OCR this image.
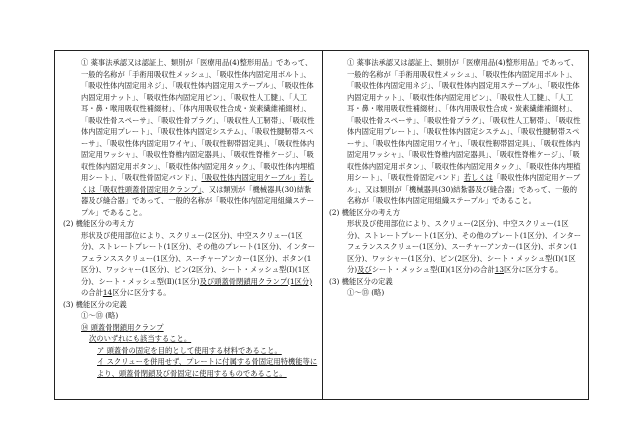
① 薬事法承認又は認証上、類別が「医療用品(4)整形用品」であって、一般的名称が「手術用吸収性メッシュ」、「吸収性体内固定用ボルト」、「吸収性体内固定用ネジ」、「吸収性体内固定用ステープル」、「吸収性体内固定用ナット」、「吸収性体内固定用ピン」、「吸収性人工腱」、「人工耳・鼻・喉用吸収性補綴材」、「体内用吸収性合成・炭素繊維補綴材」、「吸収性骨スペーサ」、「吸収性骨プラグ」、「吸収性人工靭帯」、「吸収性体内固定用プレート」、「吸収性体内固定システム」、「吸収性腱靭帯スペーサ」、「吸収性体内固定用ワイヤ」、「吸収性靭帯固定具」、「吸収性体内固定用ワッシャ」、「吸収性脊椎内固定器具」、「吸収性脊椎ケージ」、「吸収性体内固定用ボタン」、「吸収性体内固定用タック」、「吸収性体内埋植用シート」、「吸収性骨固定バンド」、「吸収性体内固定用ケーブル」若しくは「吸収性頭蓋骨固定用クランプ」、又は類別が「機械器具(30)結紮器及び縫合器」であって、一般的名称が「吸収性体内固定用組織ステープル」であること。

(2) 機能区分の考え方

形状及び使用部位により、スクリュー(2区分)、中空スクリュー(1区分)、ストレートプレート(1区分)、その他のプレート(1区分)、インターフェランススクリュー(1区分)、スーチャーアンカー(1区分)、ボタン(1区分)、ワッシャー(1区分)、ピン(2区分)、シート・メッシュ型(Ⅰ)(1区分)、シート・メッシュ型(Ⅱ)(1区分)及び頭蓋骨閉鎖用クランプ(1区分)の合計14区分に区分する。

(3) 機能区分の定義

①～⑬ (略)

⑭ 頭蓋骨閉鎖用クランプ

次のいずれにも該当すること。

ア 頭蓋骨の固定を目的として使用する材料であること。

イ スクリューを併用せず、プレートに付属する骨固定用特機能等により、頭蓋骨閉鎖及び骨固定に使用するものであること。

① 薬事法承認又は認証上、類別が「医療用品(4)整形用品」であって、一般的名称が「手術用吸収性メッシュ」、「吸収性体内固定用ボルト」、「吸収性体内固定用ネジ」、「吸収性体内固定用ステープル」、「吸収性体内固定用ナット」、「吸収性体内固定用ピン」、「吸収性人工腱」、「人工耳・鼻・喉用吸収性補綴材」、「体内用吸収性合成・炭素繊維補綴材」、「吸収性骨スペーサ」、「吸収性骨プラグ」、「吸収性人工靭帯」、「吸収性体内固定用プレート」、「吸収性体内固定システム」、「吸収性腱靭帯スペーサ」、「吸収性体内固定用ワイヤ」、「吸収性靭帯固定具」、「吸収性体内固定用ワッシャ」、「吸収性脊椎内固定器具」、「吸収性脊椎ケージ」、「吸収性体内固定用ボタン」、「吸収性体内固定用タック」、「吸収性体内埋植用シート」、「吸収性骨固定バンド」若しくは「吸収性体内固定用ケーブル」、又は類別が「機械器具(30)結紮器及び縫合器」であって、一般的名称が「吸収性体内固定用組織ステープル」であること。

(2) 機能区分の考え方

形状及び使用部位により、スクリュー(2区分)、中空スクリュー(1区分)、ストレートプレート(1区分)、その他のプレート(1区分)、インターフェランススクリュー(1区分)、スーチャーアンカー(1区分)、ボタン(1区分)、ワッシャー(1区分)、ピン(2区分)、シート・メッシュ型(Ⅰ)(1区分)及びシート・メッシュ型(Ⅱ)(1区分)の合計13区分に区分する。

(3) 機能区分の定義

①～⑬ (略)
